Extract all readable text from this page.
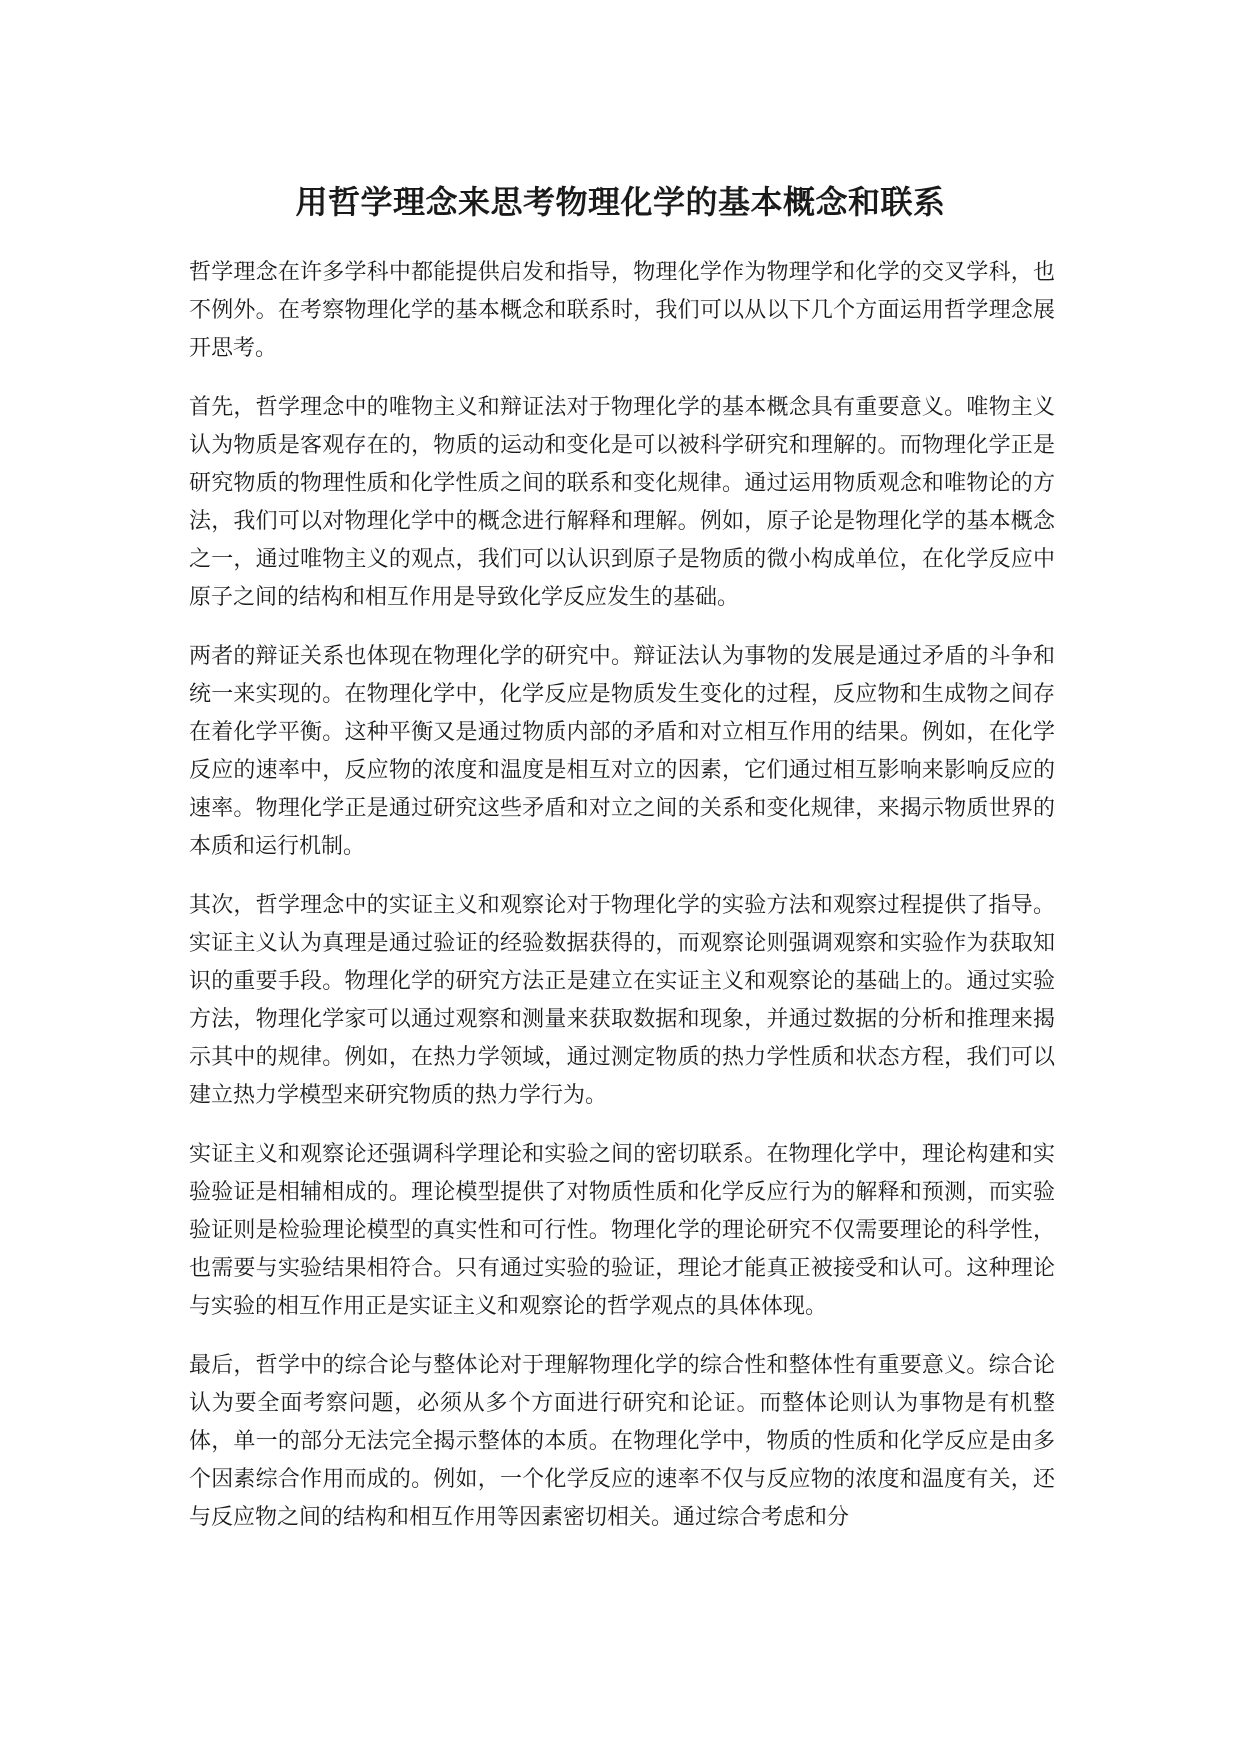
用哲学理念来思考物理化学的基本概念和联系

哲学理念在许多学科中都能提供启发和指导，物理化学作为物理学和化学的交叉学科，也不例外。在考察物理化学的基本概念和联系时，我们可以从以下几个方面运用哲学理念展开思考。

首先，哲学理念中的唯物主义和辩证法对于物理化学的基本概念具有重要意义。唯物主义认为物质是客观存在的，物质的运动和变化是可以被科学研究和理解的。而物理化学正是研究物质的物理性质和化学性质之间的联系和变化规律。通过运用物质观念和唯物论的方法，我们可以对物理化学中的概念进行解释和理解。例如，原子论是物理化学的基本概念之一，通过唯物主义的观点，我们可以认识到原子是物质的微小构成单位，在化学反应中原子之间的结构和相互作用是导致化学反应发生的基础。

两者的辩证关系也体现在物理化学的研究中。辩证法认为事物的发展是通过矛盾的斗争和统一来实现的。在物理化学中，化学反应是物质发生变化的过程，反应物和生成物之间存在着化学平衡。这种平衡又是通过物质内部的矛盾和对立相互作用的结果。例如，在化学反应的速率中，反应物的浓度和温度是相互对立的因素，它们通过相互影响来影响反应的速率。物理化学正是通过研究这些矛盾和对立之间的关系和变化规律，来揭示物质世界的本质和运行机制。

其次，哲学理念中的实证主义和观察论对于物理化学的实验方法和观察过程提供了指导。实证主义认为真理是通过验证的经验数据获得的，而观察论则强调观察和实验作为获取知识的重要手段。物理化学的研究方法正是建立在实证主义和观察论的基础上的。通过实验方法，物理化学家可以通过观察和测量来获取数据和现象，并通过数据的分析和推理来揭示其中的规律。例如，在热力学领域，通过测定物质的热力学性质和状态方程，我们可以建立热力学模型来研究物质的热力学行为。

实证主义和观察论还强调科学理论和实验之间的密切联系。在物理化学中，理论构建和实验验证是相辅相成的。理论模型提供了对物质性质和化学反应行为的解释和预测，而实验验证则是检验理论模型的真实性和可行性。物理化学的理论研究不仅需要理论的科学性，也需要与实验结果相符合。只有通过实验的验证，理论才能真正被接受和认可。这种理论与实验的相互作用正是实证主义和观察论的哲学观点的具体体现。

最后，哲学中的综合论与整体论对于理解物理化学的综合性和整体性有重要意义。综合论认为要全面考察问题，必须从多个方面进行研究和论证。而整体论则认为事物是有机整体，单一的部分无法完全揭示整体的本质。在物理化学中，物质的性质和化学反应是由多个因素综合作用而成的。例如，一个化学反应的速率不仅与反应物的浓度和温度有关，还与反应物之间的结构和相互作用等因素密切相关。通过综合考虑和分
